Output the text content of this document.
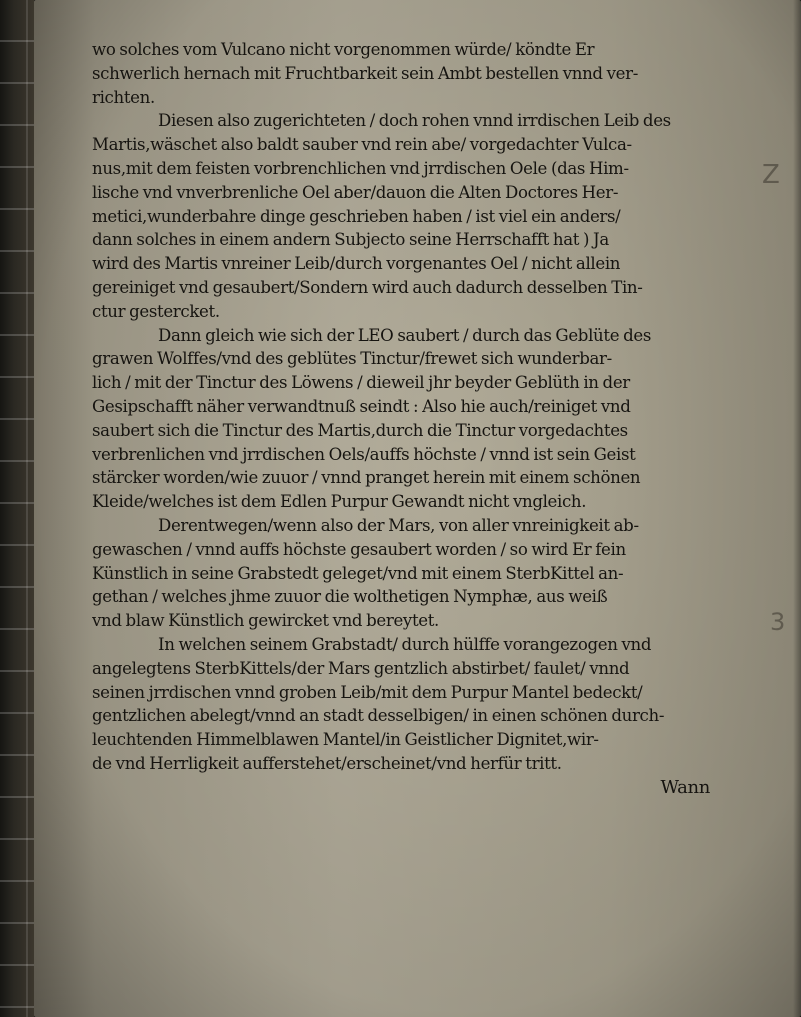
wo solches vom Vulcano nicht vorgenommen würde/ köndte Er
schwerlich hernach mit Fruchtbarkeit sein Ambt bestellen vnnd ver-
richten.
Diesen also zugerichteten / doch rohen vnnd irrdischen Leib des
Martis,wäschet also baldt sauber vnd rein abe/ vorgedachter Vulca-
nus,mit dem feisten vorbrenchlichen vnd jrrdischen Oele (das Him-
lische vnd vnverbrenliche Oel aber/dauon die Alten Doctores Her-
metici,wunderbahre dinge geschrieben haben / ist viel ein anders/
dann solches in einem andern Subjecto seine Herrschafft hat ) Ja
wird des Martis vnreiner Leib/durch vorgenantes Oel / nicht allein
gereiniget vnd gesaubert/Sondern wird auch dadurch desselben Tin-
ctur gestercket.
Dann gleich wie sich der LEO saubert / durch das Geblüte des
grawen Wolffes/vnd des geblütes Tinctur/frewet sich wunderbar-
lich / mit der Tinctur des Löwens / dieweil jhr beyder Geblüth in der
Gesipschafft näher verwandtnuß seindt : Also hie auch/reiniget vnd
saubert sich die Tinctur des Martis,durch die Tinctur vorgedachtes
verbrenlichen vnd jrrdischen Oels/auffs höchste / vnnd ist sein Geist
stärcker worden/wie zuuor / vnnd pranget herein mit einem schönen
Kleide/welches ist dem Edlen Purpur Gewandt nicht vngleich.
Derentwegen/wenn also der Mars, von aller vnreinigkeit ab-
gewaschen / vnnd auffs höchste gesaubert worden / so wird Er fein
Künstlich in seine Grabstedt geleget/vnd mit einem SterbKittel an-
gethan / welches jhme zuuor die wolthetigen Nymphæ, aus weiß
vnd blaw Künstlich gewircket vnd bereytet.
In welchen seinem Grabstadt/ durch hülffe vorangezogen vnd
angelegtens SterbKittels/der Mars gentzlich abstirbet/ faulet/ vnnd
seinen jrrdischen vnnd groben Leib/mit dem Purpur Mantel bedeckt/
gentzlichen abelegt/vnnd an stadt desselbigen/ in einen schönen durch-
leuchtenden Himmelblawen Mantel/in Geistlicher Dignitet,wir-
de vnd Herrligkeit aufferstehet/erscheinet/vnd herfür tritt.
Wann
Z
3
